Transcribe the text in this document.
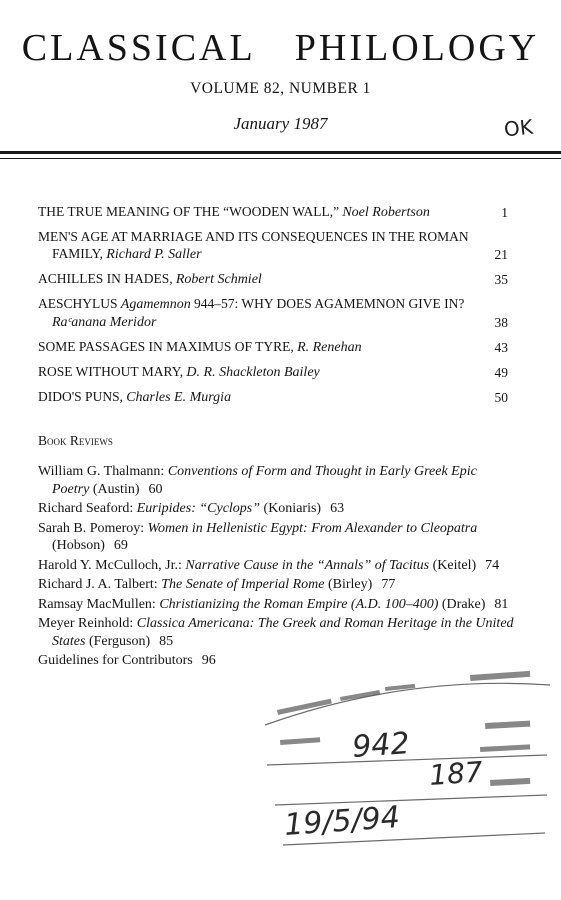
CLASSICAL PHILOLOGY
VOLUME 82, NUMBER 1
January 1987	OK
THE TRUE MEANING OF THE “WOODEN WALL,” Noel Robertson	1
MEN'S AGE AT MARRIAGE AND ITS CONSEQUENCES IN THE ROMAN
FAMILY, Richard P. Saller	21
ACHILLES IN HADES, Robert Schmiel	35
AESCHYLUS Agamemnon 944–57: WHY DOES AGAMEMNON GIVE IN?
Raᶜanana Meridor	38
SOME PASSAGES IN MAXIMUS OF TYRE, R. Renehan	43
ROSE WITHOUT MARY, D. R. Shackleton Bailey	49
DIDO'S PUNS, Charles E. Murgia	50
Book Reviews
William G. Thalmann: Conventions of Form and Thought in Early Greek Epic Poetry (Austin) 60
Richard Seaford: Euripides: “Cyclops” (Koniaris) 63
Sarah B. Pomeroy: Women in Hellenistic Egypt: From Alexander to Cleopatra (Hobson) 69
Harold Y. McCulloch, Jr.: Narrative Cause in the “Annals” of Tacitus (Keitel) 74
Richard J. A. Talbert: The Senate of Imperial Rome (Birley) 77
Ramsay MacMullen: Christianizing the Roman Empire (A.D. 100–400) (Drake) 81
Meyer Reinhold: Classica Americana: The Greek and Roman Heritage in the United States (Ferguson) 85
Guidelines for Contributors 96
942
187
19/5/94
